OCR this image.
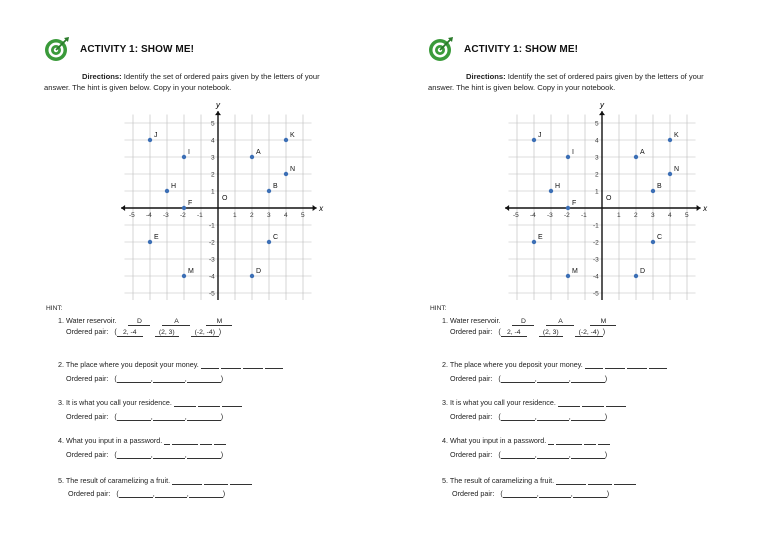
ACTIVITY 1: SHOW ME!
Directions: Identify the set of ordered pairs given by the letters of your
answer. The hint is given below. Copy in your notebook.
x
y
-5 -4 -3 -2 -1	1 2 3 4 5
5
4
3
2
1
-1
-2
-3
-4
-5
J
I
H
F
O
A
K
N
B
E	C
M	D
HINT:
1. Water reservoir.	D	A	M
Ordered pair: ( 2, -4	(2, 3)	(-2, -4) )
2. The place where you deposit your money.
Ordered pair: (	,	,	)
3. It is what you call your residence.
Ordered pair: (	,	,	)
4. What you input in a password.
Ordered pair: (	,	,	)
5. The result of caramelizing a fruit.
Ordered pair: (	,	,	)
ACTIVITY 1: SHOW ME!
Directions: Identify the set of ordered pairs given by the letters of your
answer. The hint is given below. Copy in your notebook.
x
y
-5 -4 -3 -2 -1	1 2 3 4 5
5
4
3
2
1
-1
-2
-3
-4
-5
J
I
H
F
O
A
K
N
B
E	C
M	D
HINT:
1. Water reservoir.	D	A	M
Ordered pair: ( 2, -4	(2, 3)	(-2, -4) )
2. The place where you deposit your money.
Ordered pair: (	,	,	)
3. It is what you call your residence.
Ordered pair: (	,	,	)
4. What you input in a password.
Ordered pair: (	,	,	)
5. The result of caramelizing a fruit.
Ordered pair: (	,	,	)
